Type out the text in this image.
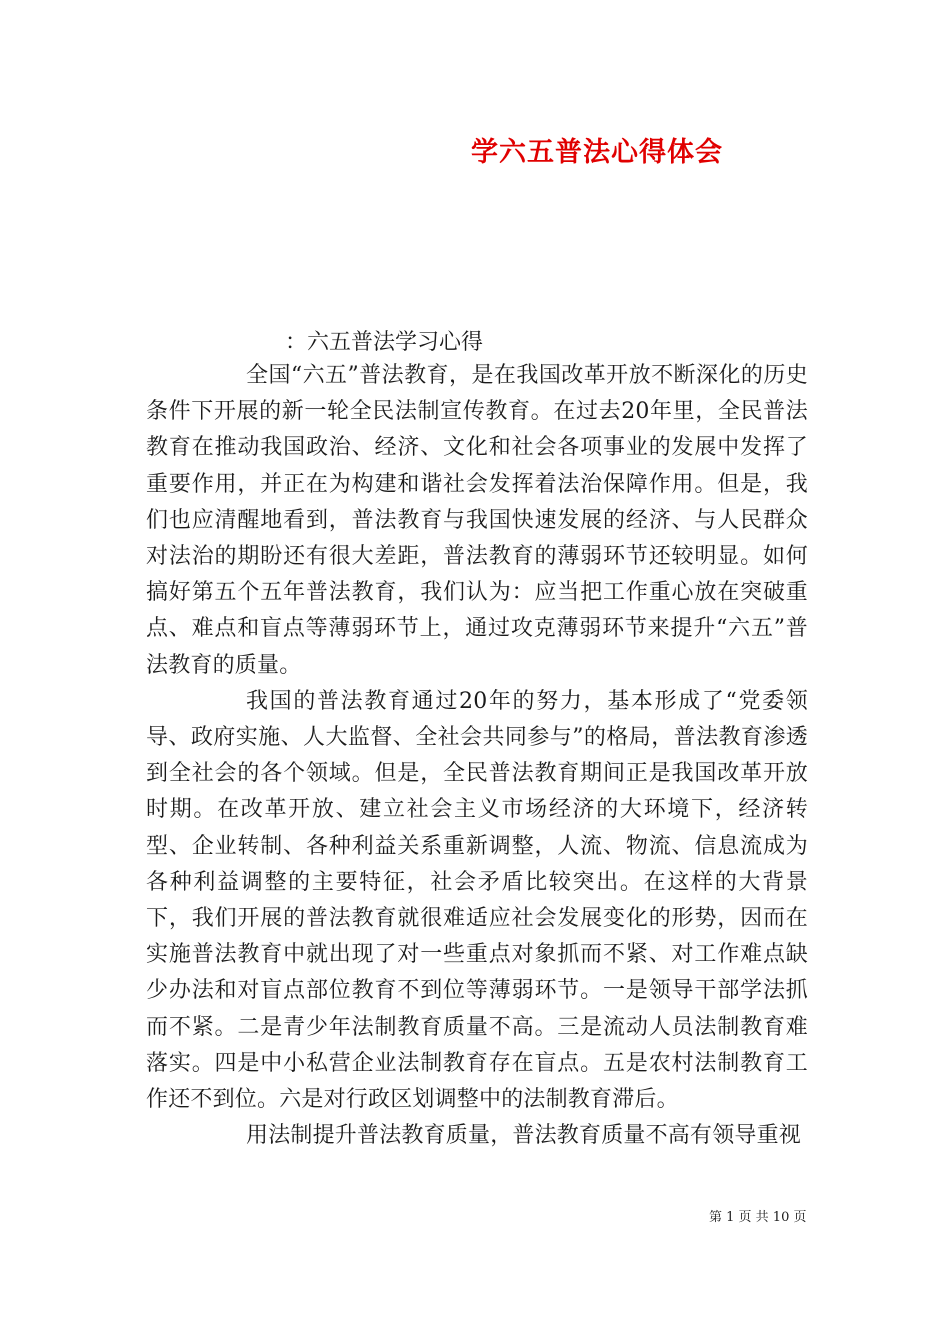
学六五普法心得体会
：六五普法学习心得

全国“六五”普法教育，是在我国改革开放不断深化的历史条件下开展的新一轮全民法制宣传教育。在过去20年里，全民普法教育在推动我国政治、经济、文化和社会各项事业的发展中发挥了重要作用，并正在为构建和谐社会发挥着法治保障作用。但是，我们也应清醒地看到，普法教育与我国快速发展的经济、与人民群众对法治的期盼还有很大差距，普法教育的薄弱环节还较明显。如何搞好第五个五年普法教育，我们认为：应当把工作重心放在突破重点、难点和盲点等薄弱环节上，通过攻克薄弱环节来提升“六五”普法教育的质量。

我国的普法教育通过20年的努力，基本形成了“党委领导、政府实施、人大监督、全社会共同参与”的格局，普法教育渗透到全社会的各个领域。但是，全民普法教育期间正是我国改革开放时期。在改革开放、建立社会主义市场经济的大环境下，经济转型、企业转制、各种利益关系重新调整，人流、物流、信息流成为各种利益调整的主要特征，社会矛盾比较突出。在这样的大背景下，我们开展的普法教育就很难适应社会发展变化的形势，因而在实施普法教育中就出现了对一些重点对象抓而不紧、对工作难点缺少办法和对盲点部位教育不到位等薄弱环节。一是领导干部学法抓而不紧。二是青少年法制教育质量不高。三是流动人员法制教育难落实。四是中小私营企业法制教育存在盲点。五是农村法制教育工作还不到位。六是对行政区划调整中的法制教育滞后。

用法制提升普法教育质量，普法教育质量不高有领导重视

第 1 页 共 10 页
